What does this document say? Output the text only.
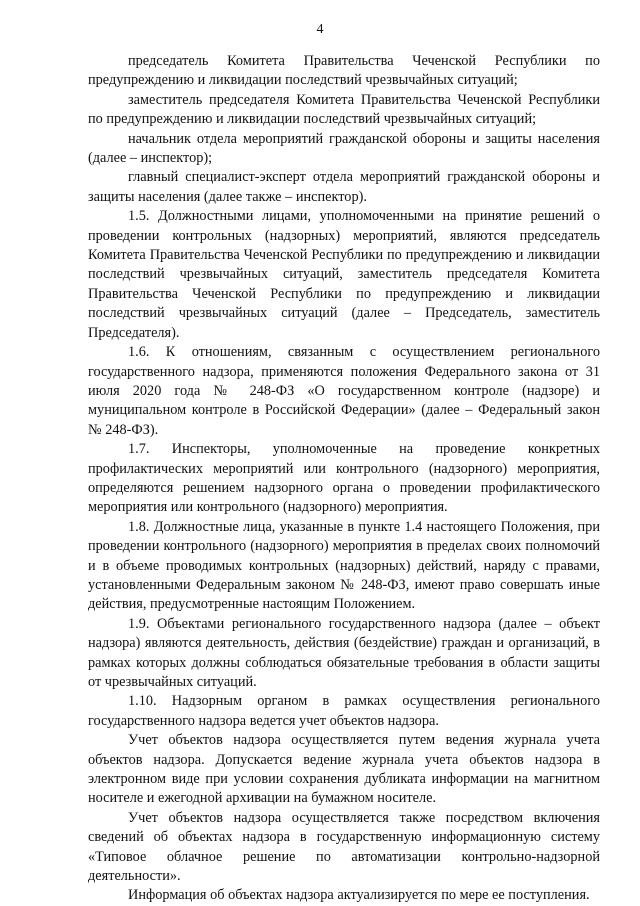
4

председатель Комитета Правительства Чеченской Республики по предупреждению и ликвидации последствий чрезвычайных ситуаций;

заместитель председателя Комитета Правительства Чеченской Республики по предупреждению и ликвидации последствий чрезвычайных ситуаций;

начальник отдела мероприятий гражданской обороны и защиты населения (далее – инспектор);

главный специалист-эксперт отдела мероприятий гражданской обороны и защиты населения (далее также – инспектор).

1.5. Должностными лицами, уполномоченными на принятие решений о проведении контрольных (надзорных) мероприятий, являются председатель Комитета Правительства Чеченской Республики по предупреждению и ликвидации последствий чрезвычайных ситуаций, заместитель председателя Комитета Правительства Чеченской Республики по предупреждению и ликвидации последствий чрезвычайных ситуаций (далее – Председатель, заместитель Председателя).

1.6. К отношениям, связанным с осуществлением регионального государственного надзора, применяются положения Федерального закона от 31 июля 2020 года № 248-ФЗ «О государственном контроле (надзоре) и муниципальном контроле в Российской Федерации» (далее – Федеральный закон № 248-ФЗ).

1.7. Инспекторы, уполномоченные на проведение конкретных профилактических мероприятий или контрольного (надзорного) мероприятия, определяются решением надзорного органа о проведении профилактического мероприятия или контрольного (надзорного) мероприятия.

1.8. Должностные лица, указанные в пункте 1.4 настоящего Положения, при проведении контрольного (надзорного) мероприятия в пределах своих полномочий и в объеме проводимых контрольных (надзорных) действий, наряду с правами, установленными Федеральным законом № 248-ФЗ, имеют право совершать иные действия, предусмотренные настоящим Положением.

1.9. Объектами регионального государственного надзора (далее – объект надзора) являются деятельность, действия (бездействие) граждан и организаций, в рамках которых должны соблюдаться обязательные требования в области защиты от чрезвычайных ситуаций.

1.10. Надзорным органом в рамках осуществления регионального государственного надзора ведется учет объектов надзора.

Учет объектов надзора осуществляется путем ведения журнала учета объектов надзора. Допускается ведение журнала учета объектов надзора в электронном виде при условии сохранения дубликата информации на магнитном носителе и ежегодной архивации на бумажном носителе.

Учет объектов надзора осуществляется также посредством включения сведений об объектах надзора в государственную информационную систему «Типовое облачное решение по автоматизации контрольно-надзорной деятельности».

Информация об объектах надзора актуализируется по мере ее поступления.
